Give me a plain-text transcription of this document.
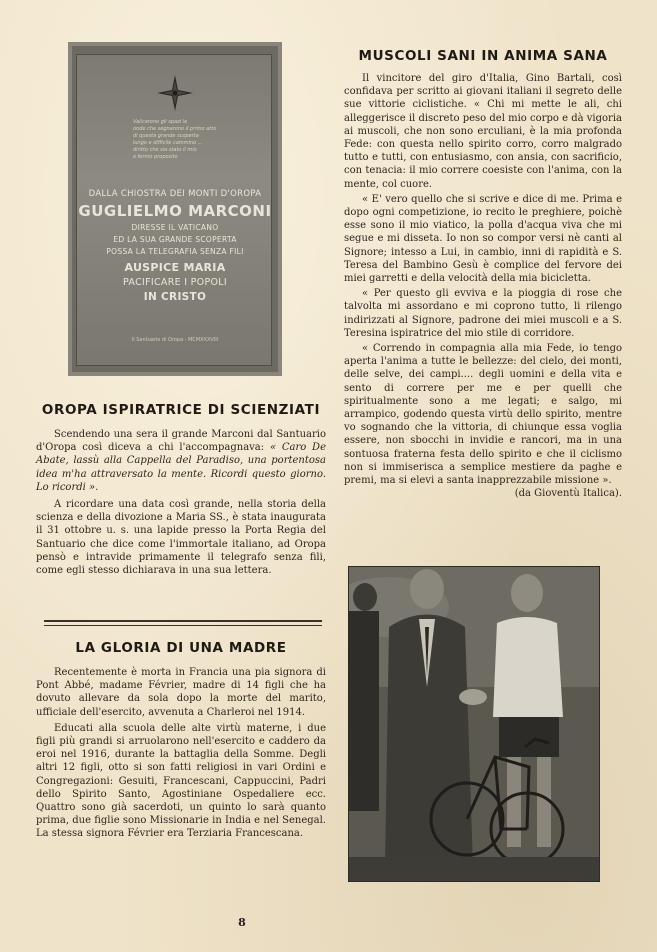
Valicarono gli spazi le
onde che segnarono il primo atto
di questa grande scoperta
lungo e difficile cammino ...
diritto che sia stato il mio
e fermo proposito
DALLA CHIOSTRA DEI MONTI D'OROPA
GUGLIELMO MARCONI
DIRESSE IL VATICANO
ED LA SUA GRANDE SCOPERTA
POSSA LA TELEGRAFIA SENZA FILI
AUSPICE MARIA
PACIFICARE I POPOLI
IN CRISTO
Il Santuario di Oropa · MCMXXXVIII
OROPA ISPIRATRICE DI SCIENZIATI

Scendendo una sera il grande Marconi dal Santuario d'Oropa così diceva a chi l'accompagnava: « Caro De Abate, lassù alla Cappella del Paradiso, una portentosa idea m'ha attraversato la mente. Ricordi questo giorno. Lo ricordi ».

A ricordare una data così grande, nella storia della scienza e della divozione a Maria SS., è stata inaugurata il 31 ottobre u. s. una lapide presso la Porta Regia del Santuario che dice come l'immortale italiano, ad Oropa pensò e intravide primamente il telegrafo senza fili, come egli stesso dichiarava in una sua lettera.

LA GLORIA DI UNA MADRE

Recentemente è morta in Francia una pia signora di Pont Abbé, madame Février, madre di 14 figli che ha dovuto allevare da sola dopo la morte del marito, ufficiale dell'esercito, avvenuta a Charleroi nel 1914.

Educati alla scuola delle alte virtù materne, i due figli più grandi si arruolarono nell'esercito e caddero da eroi nel 1916, durante la battaglia della Somme. Degli altri 12 figli, otto si son fatti religiosi in vari Ordini e Congregazioni: Gesuiti, Francescani, Cappuccini, Padri dello Spirito Santo, Agostiniane Ospedaliere ecc. Quattro sono già sacerdoti, un quinto lo sarà quanto prima, due figlie sono Missionarie in India e nel Senegal. La stessa signora Février era Terziaria Francescana.

MUSCOLI SANI IN ANIMA SANA

Il vincitore del giro d'Italia, Gino Bartali, così confidava per scritto ai giovani italiani il segreto delle sue vittorie ciclistiche. « Chi mi mette le ali, chi alleggerisce il discreto peso del mio corpo e dà vigoria ai muscoli, che non sono erculiani, è la mia profonda Fede: con questa nello spirito corro, corro malgrado tutto e tutti, con entusiasmo, con ansia, con sacrificio, con tenacia: il mio correre coesiste con l'anima, con la mente, col cuore.

« E' vero quello che si scrive e dice di me. Prima e dopo ogni competizione, io recito le preghiere, poichè esse sono il mio viatico, la polla d'acqua viva che mi segue e mi disseta. Io non so compor versi nè canti al Signore; intesso a Lui, in cambio, inni di rapidità e S. Teresa del Bambino Gesù è complice del fervore dei miei garretti e della velocità della mia bicicletta.

« Per questo gli evviva e la pioggia di rose che talvolta mi assordano e mi coprono tutto, li rilengo indirizzati al Signore, padrone dei miei muscoli e a S. Teresina ispiratrice del mio stile di corridore.

« Correndo in compagnia alla mia Fede, io tengo aperta l'anima a tutte le bellezze: del cielo, dei monti, delle selve, dei campi.... degli uomini e della vita e sento di correre per me e per quelli che spiritualmente sono a me legati; e salgo, mi arrampico, godendo questa virtù dello spirito, mentre vo sognando che la vittoria, di chiunque essa voglia essere, non sbocchi in invidie e rancori, ma in una sontuosa fraterna festa dello spirito e che il ciclismo non si immiserisca a semplice mestiere da paghe e premi, ma si elevi a santa inapprezzabile missione ».
(da Gioventù Italica).

8
